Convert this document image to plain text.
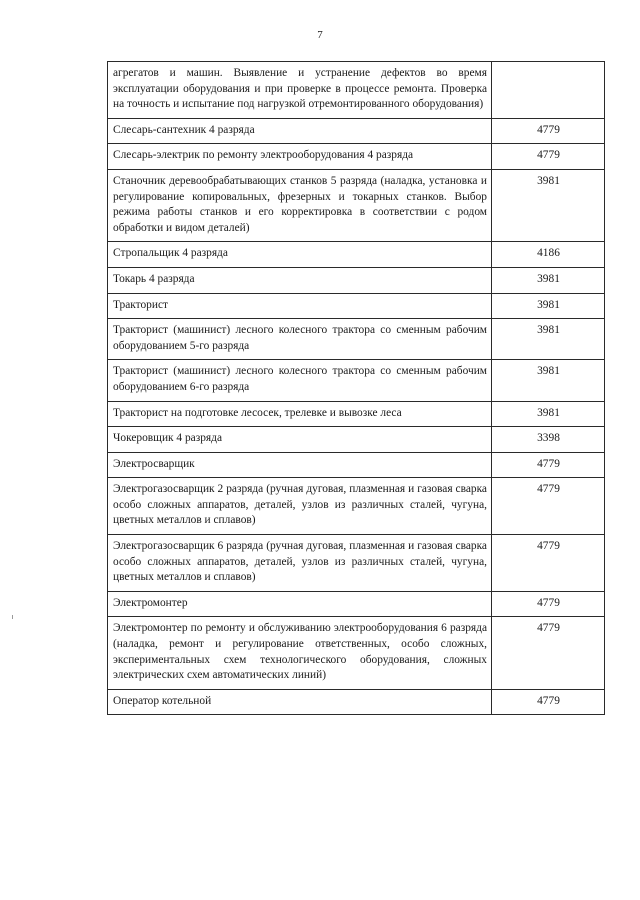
7
агрегатов и машин. Выявление и устранение дефектов во время эксплуатации оборудования и при проверке в процессе ремонта. Проверка на точность и испытание под нагрузкой отремонтированного оборудования)	
Слесарь-сантехник 4 разряда	4779
Слесарь-электрик по ремонту электрооборудования 4 разряда	4779
Станочник деревообрабатывающих станков 5 разряда (наладка, установка и регулирование копировальных, фрезерных и токарных станков. Выбор режима работы станков и его корректировка в соответствии с родом обработки и видом деталей)	3981
Стропальщик 4 разряда	4186
Токарь 4 разряда	3981
Тракторист	3981
Тракторист (машинист) лесного колесного трактора со сменным рабочим оборудованием 5-го разряда	3981
Тракторист (машинист) лесного колесного трактора со сменным рабочим оборудованием 6-го разряда	3981
Тракторист на подготовке лесосек, трелевке и вывозке леса	3981
Чокеровщик 4 разряда	3398
Электросварщик	4779
Электрогазосварщик 2 разряда (ручная дуговая, плазменная и газовая сварка особо сложных аппаратов, деталей, узлов из различных сталей, чугуна, цветных металлов и сплавов)	4779
Электрогазосварщик 6 разряда (ручная дуговая, плазменная и газовая сварка особо сложных аппаратов, деталей, узлов из различных сталей, чугуна, цветных металлов и сплавов)	4779
Электромонтер	4779
Электромонтер по ремонту и обслуживанию электрооборудования 6 разряда (наладка, ремонт и регулирование ответственных, особо сложных, экспериментальных схем технологического оборудования, сложных электрических схем автоматических линий)	4779
Оператор котельной	4779
